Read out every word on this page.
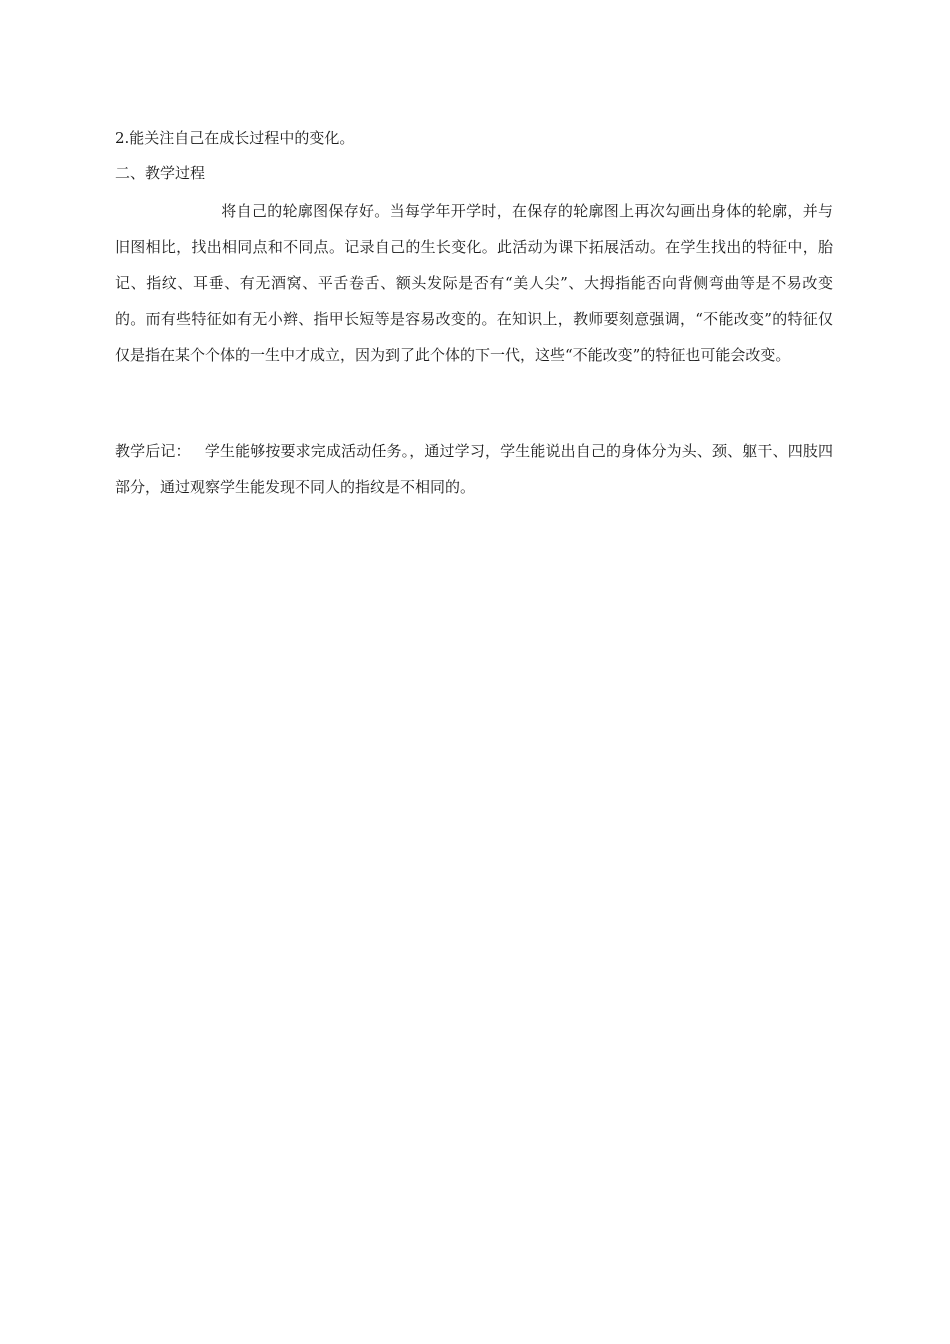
2.能关注自己在成长过程中的变化。
二、教学过程
将自己的轮廓图保存好。当每学年开学时，在保存的轮廓图上再次勾画出身体的轮廓，并与旧图相比，找出相同点和不同点。记录自己的生长变化。此活动为课下拓展活动。在学生找出的特征中，胎记、指纹、耳垂、有无酒窝、平舌卷舌、额头发际是否有“美人尖”、大拇指能否向背侧弯曲等是不易改变的。而有些特征如有无小辫、指甲长短等是容易改变的。在知识上，教师要刻意强调，“不能改变”的特征仅仅是指在某个个体的一生中才成立，因为到了此个体的下一代，这些“不能改变”的特征也可能会改变。
教学后记： 学生能够按要求完成活动任务。，通过学习，学生能说出自己的身体分为头、颈、躯干、四肢四部分，通过观察学生能发现不同人的指纹是不相同的。
